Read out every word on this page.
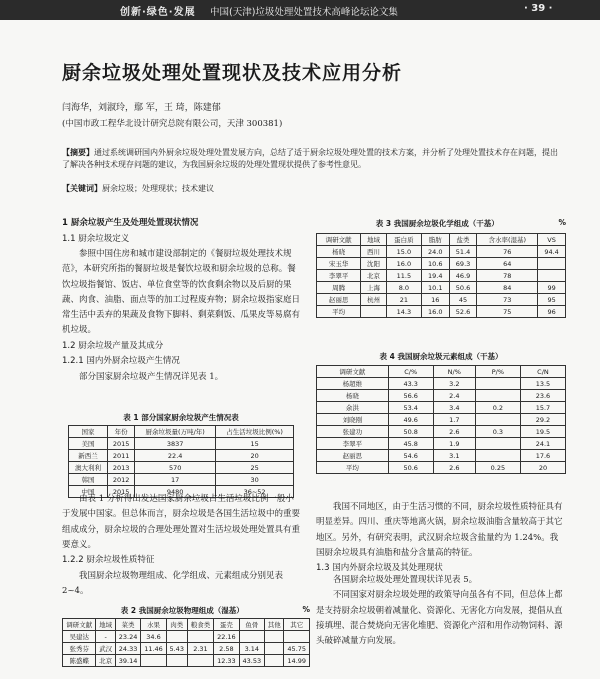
创新·绿色·发展 中国(天津)垃圾处理处置技术高峰论坛论文集	· 39 ·
厨余垃圾处理处置现状及技术应用分析
闫海华，刘淑玲，鄢 军，王 琦，陈建郁
(中国市政工程华北设计研究总院有限公司，天津 300381)
【摘要】通过系统调研国内外厨余垃圾处理处置发展方向，总结了适于厨余垃圾处理处置的技术方案，并分析了处理处置技术存在问题，提出了解决各种技术现存问题的建议，为我国厨余垃圾的处理处置现状提供了参考性意见。
【关键词】厨余垃圾；处理现状；技术建议

1 厨余垃圾产生及处理处置现状情况

1.1 厨余垃圾定义

参照中国住房和城市建设部制定的《餐厨垃圾处理技术规范》，本研究所指的餐厨垃圾是餐饮垃圾和厨余垃圾的总称。餐饮垃圾指餐馆、饭店、单位食堂等的饮食剩余物以及后厨的果蔬、肉食、油脂、面点等的加工过程废弃物；厨余垃圾指家庭日常生活中丢弃的果蔬及食物下脚料、剩菜剩饭、瓜果皮等易腐有机垃圾。

1.2 厨余垃圾产量及其成分

1.2.1 国内外厨余垃圾产生情况

部分国家厨余垃圾产生情况详见表 1。

表 1 部分国家厨余垃圾产生情况表
国家	年份	厨余垃圾量(万吨/年)	占生活垃圾比例(%)
美国	2015	3837	15
新西兰	2011	22.4	20
澳大利利	2013	570	25
韩国	2012	17	30
中国	2015	9480	36~52

由表 1 分析得出发达国家厨余垃圾占生活垃圾比例一般小于发展中国家。但总体而言，厨余垃圾是各国生活垃圾中的重要组成成分，厨余垃圾的合理处理处置对生活垃圾处理处置具有重要意义。

1.2.2 厨余垃圾性质特征

我国厨余垃圾物理组成、化学组成、元素组成分别见表 2~4。

表 2 我国厨余垃圾物理组成（湿基）	%
调研文献	地域	菜类	水果	肉类	粮食类	蛋壳	鱼骨	其他	其它
吴建达	-	23.24	34.6			22.16			
张秀芬	武汉	24.33	11.46	5.43	2.31	2.58	3.14		45.75
陈盛蝶	北京	39.14				12.33	43.53		14.99
表 3 我国厨余垃圾化学组成（干基）	%
调研文献	地域	蛋白质	脂肪	盐类	含水率(湿基)	VS
杨晓	西川	15.0	24.0	51.4	76	94.4
宋玉华	沈阳	16.0	10.6	69.3	64	
李翠平	北京	11.5	19.4	46.9	78	
周腾	上海	8.0	10.1	50.6	84	99
赵丽思	杭州	21	16	45	73	95
平均		14.3	16.0	52.6	75	96
表 4 我国厨余垃圾元素组成（干基）
调研文献	C/%	N/%	P/%	C/N
杨超维	43.3	3.2		13.5
杨晓	56.6	2.4		23.6
余洪	53.4	3.4	0.2	15.7
刘晓刚	49.6	1.7		29.2
张建功	50.8	2.6	0.3	19.5
李翠平	45.8	1.9		24.1
赵丽思	54.6	3.1		17.6
平均	50.6	2.6	0.25	20

我国不同地区，由于生活习惯的不同，厨余垃圾性质特征具有明显差异。四川、重庆等地离火锅，厨余垃圾油脂含量较高于其它地区。另外，有研究表明，武汉厨余垃圾含盐量约为 1.24%。我国厨余垃圾具有油脂和盐分含量高的特征。

1.3 国内外厨余垃圾及其处理现状

各国厨余垃圾处理处置现状详见表 5。

不同国家对厨余垃圾处理的政策导向虽各有不同，但总体上都是支持厨余垃圾朝着减量化、资源化、无害化方向发展，提倡从直接填埋、混合焚烧向无害化堆肥、资源化产沼和用作动物饲料、源头破碎减量方向发展。
